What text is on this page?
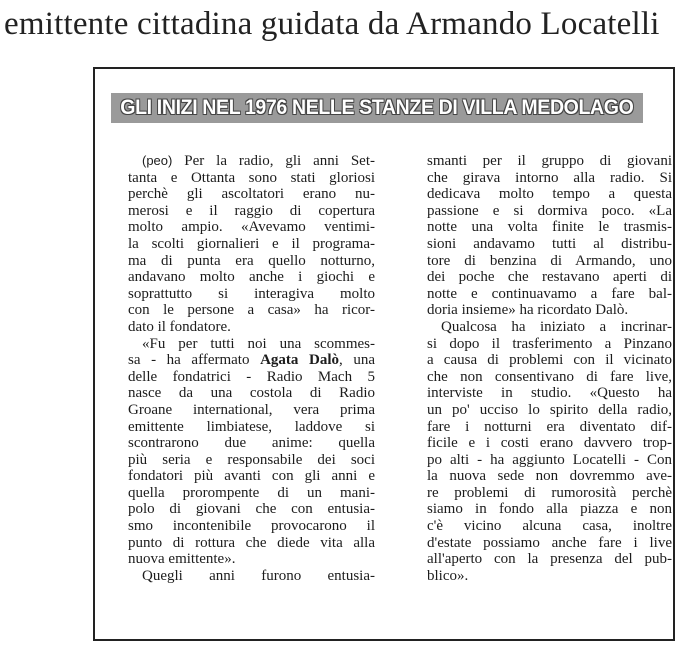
emittente cittadina guidata da Armando Locatelli
GLI INIZI NEL 1976 NELLE STANZE DI VILLA MEDOLAGO
(peo) Per la radio, gli anni Set-
tanta e Ottanta sono stati gloriosi
perchè gli ascoltatori erano nu-
merosi e il raggio di copertura
molto ampio. «Avevamo ventimi-
la scolti giornalieri e il programa-
ma di punta era quello notturno,
andavano molto anche i giochi e
soprattutto si interagiva molto
con le persone a casa» ha ricor-
dato il fondatore.
«Fu per tutti noi una scommes-
sa - ha affermato Agata Dalò, una
delle fondatrici - Radio Mach 5
nasce da una costola di Radio
Groane international, vera prima
emittente limbiatese, laddove si
scontrarono due anime: quella
più seria e responsabile dei soci
fondatori più avanti con gli anni e
quella prorompente di un mani-
polo di giovani che con entusia-
smo incontenibile provocarono il
punto di rottura che diede vita alla
nuova emittente».
Quegli anni furono entusia-
smanti per il gruppo di giovani
che girava intorno alla radio. Si
dedicava molto tempo a questa
passione e si dormiva poco. «La
notte una volta finite le trasmis-
sioni andavamo tutti al distribu-
tore di benzina di Armando, uno
dei poche che restavano aperti di
notte e continuavamo a fare bal-
doria insieme» ha ricordato Dalò.
Qualcosa ha iniziato a incrinar-
si dopo il trasferimento a Pinzano
a causa di problemi con il vicinato
che non consentivano di fare live,
interviste in studio. «Questo ha
un po' ucciso lo spirito della radio,
fare i notturni era diventato dif-
ficile e i costi erano davvero trop-
po alti - ha aggiunto Locatelli - Con
la nuova sede non dovremmo ave-
re problemi di rumorosità perchè
siamo in fondo alla piazza e non
c'è vicino alcuna casa, inoltre
d'estate possiamo anche fare i live
all'aperto con la presenza del pub-
blico».
